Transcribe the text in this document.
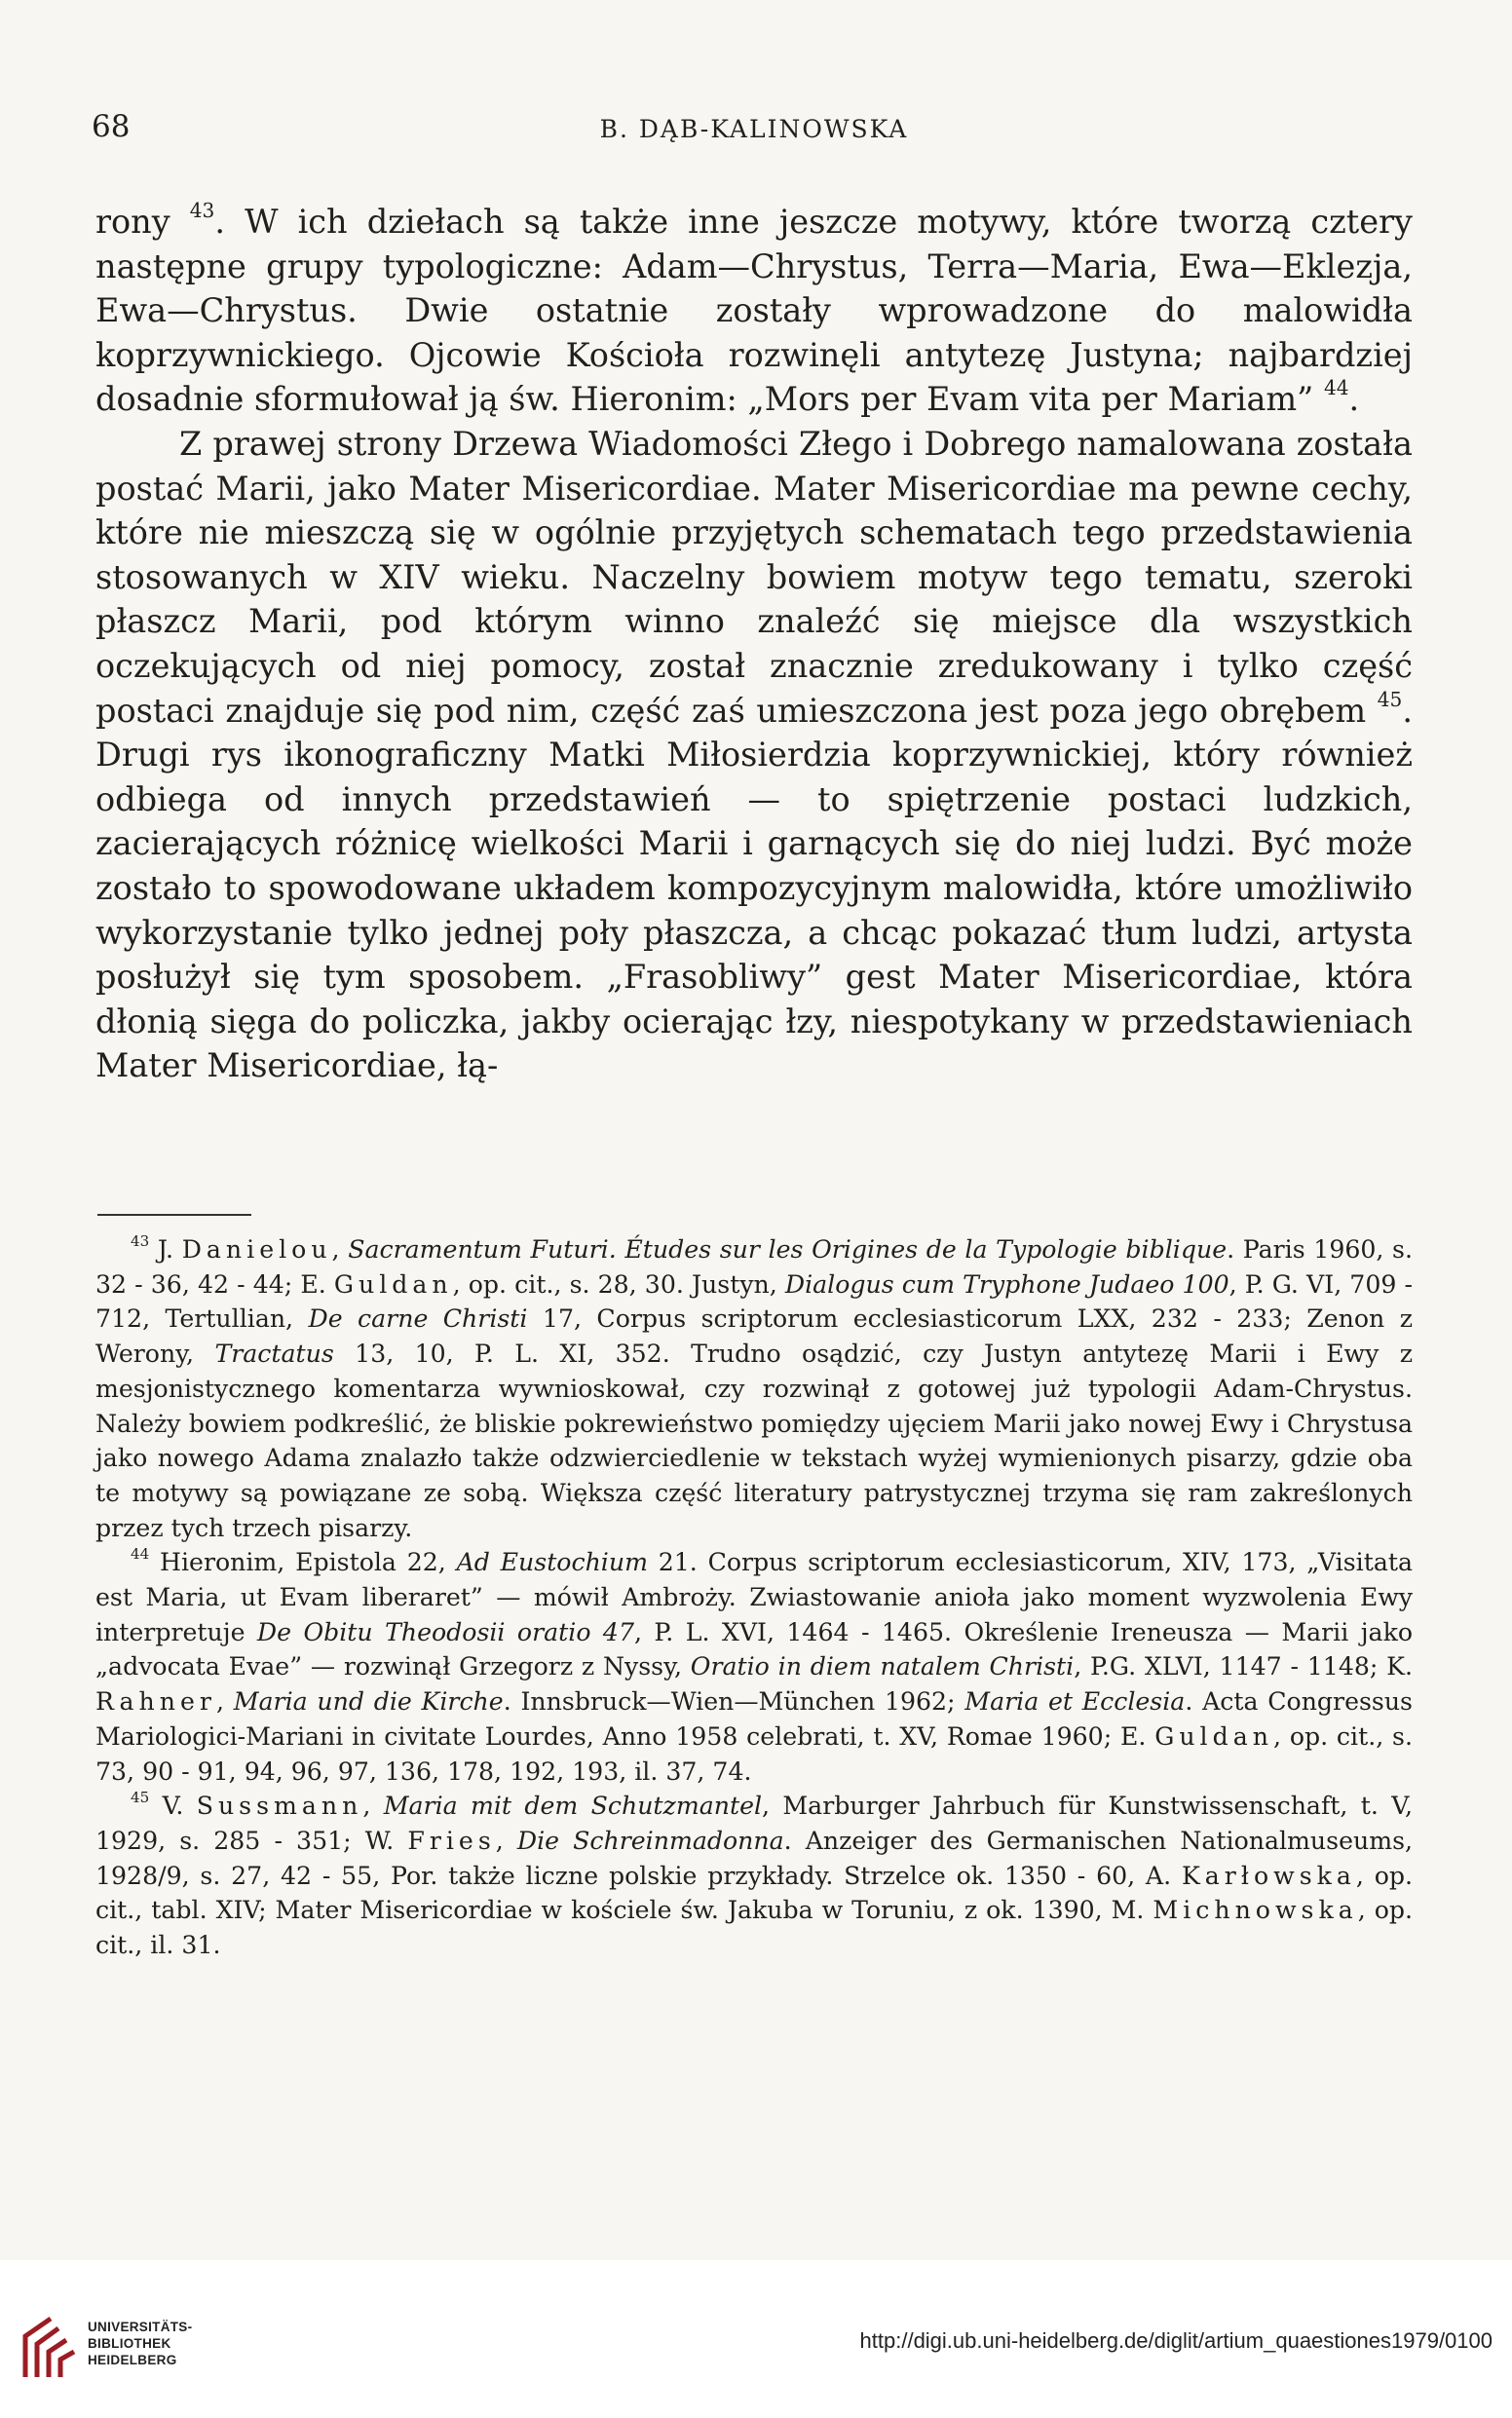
68	B. DĄB-KALINOWSKA

rony $^{43}$. W ich dziełach są także inne jeszcze motywy, które tworzą cztery następne grupy typologiczne: Adam—Chrystus, Terra—Maria, Ewa—Eklezja, Ewa—Chrystus. Dwie ostatnie zostały wprowadzone do malowidła koprzywnickiego. Ojcowie Kościoła rozwinęli antytezę Justyna; najbardziej dosadnie sformułował ją św. Hieronim: „Mors per Evam vita per Mariam” $^{44}$.

Z prawej strony Drzewa Wiadomości Złego i Dobrego namalowana została postać Marii, jako Mater Misericordiae. Mater Misericordiae ma pewne cechy, które nie mieszczą się w ogólnie przyjętych schematach tego przedstawienia stosowanych w XIV wieku. Naczelny bowiem motyw tego tematu, szeroki płaszcz Marii, pod którym winno znaleźć się miejsce dla wszystkich oczekujących od niej pomocy, został znacznie zredukowany i tylko część postaci znajduje się pod nim, część zaś umieszczona jest poza jego obrębem $^{45}$. Drugi rys ikonograficzny Matki Miłosierdzia koprzywnickiej, który również odbiega od innych przedstawień — to spiętrzenie postaci ludzkich, zacierających różnicę wielkości Marii i garnących się do niej ludzi. Być może zostało to spowodowane układem kompozycyjnym malowidła, które umożliwiło wykorzystanie tylko jednej poły płaszcza, a chcąc pokazać tłum ludzi, artysta posłużył się tym sposobem. „Frasobliwy” gest Mater Misericordiae, która dłonią sięga do policzka, jakby ocierając łzy, niespotykany w przedstawieniach Mater Misericordiae, łą-

$^{43}$ J. Danielou, Sacramentum Futuri. Études sur les Origines de la Typologie biblique. Paris 1960, s. 32 - 36, 42 - 44; E. Guldan, op. cit., s. 28, 30. Justyn, Dialogus cum Tryphone Judaeo 100, P. G. VI, 709 - 712, Tertullian, De carne Christi 17, Corpus scriptorum ecclesiasticorum LXX, 232 - 233; Zenon z Werony, Tractatus 13, 10, P. L. XI, 352. Trudno osądzić, czy Justyn antytezę Marii i Ewy z mesjonistycznego komentarza wywnioskował, czy rozwinął z gotowej już typologii Adam-Chrystus. Należy bowiem podkreślić, że bliskie pokrewieństwo pomiędzy ujęciem Marii jako nowej Ewy i Chrystusa jako nowego Adama znalazło także odzwierciedlenie w tekstach wyżej wymienionych pisarzy, gdzie oba te motywy są powiązane ze sobą. Większa część literatury patrystycznej trzyma się ram zakreślonych przez tych trzech pisarzy.

$^{44}$ Hieronim, Epistola 22, Ad Eustochium 21. Corpus scriptorum ecclesiasticorum, XIV, 173, „Visitata est Maria, ut Evam liberaret” — mówił Ambroży. Zwiastowanie anioła jako moment wyzwolenia Ewy interpretuje De Obitu Theodosii oratio 47, P. L. XVI, 1464 - 1465. Określenie Ireneusza — Marii jako „advocata Evae” — rozwinął Grzegorz z Nyssy, Oratio in diem natalem Christi, P.G. XLVI, 1147 - 1148; K. Rahner, Maria und die Kirche. Innsbruck—Wien—München 1962; Maria et Ecclesia. Acta Congressus Mariologici-Mariani in civitate Lourdes, Anno 1958 celebrati, t. XV, Romae 1960; E. Guldan, op. cit., s. 73, 90 - 91, 94, 96, 97, 136, 178, 192, 193, il. 37, 74.

$^{45}$ V. Sussmann, Maria mit dem Schutzmantel, Marburger Jahrbuch für Kunstwissenschaft, t. V, 1929, s. 285 - 351; W. Fries, Die Schreinmadonna. Anzeiger des Germanischen Nationalmuseums, 1928/9, s. 27, 42 - 55, Por. także liczne polskie przykłady. Strzelce ok. 1350 - 60, A. Karłowska, op. cit., tabl. XIV; Mater Misericordiae w kościele św. Jakuba w Toruniu, z ok. 1390, M. Michnowska, op. cit., il. 31.

UNIVERSITÄTS-
BIBLIOTHEK
HEIDELBERG
http://digi.ub.uni-heidelberg.de/diglit/artium_quaestiones1979/0100
